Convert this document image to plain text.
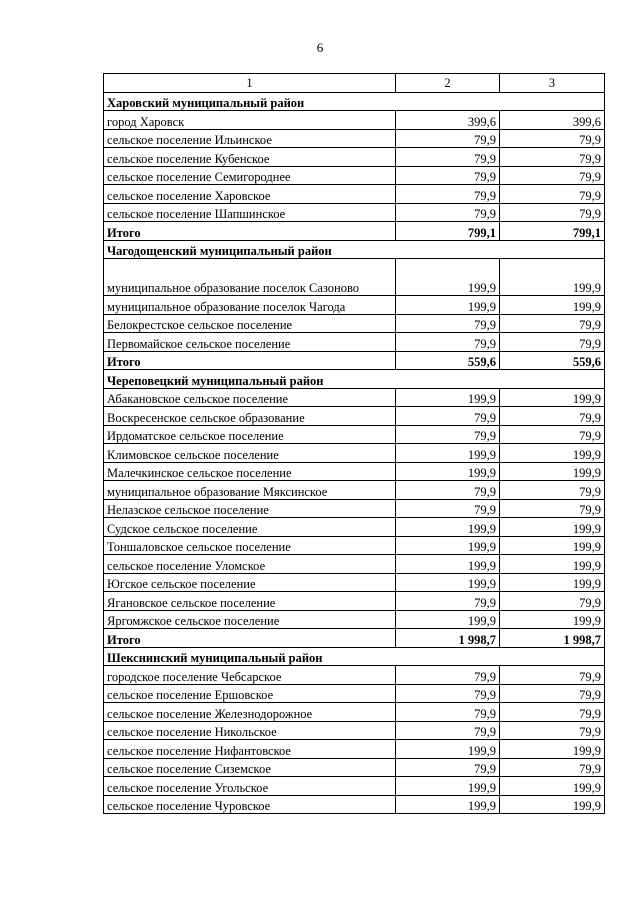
6
1	2	3
Харовский муниципальный район		
город Харовск	399,6	399,6
сельское поселение Ильинское	79,9	79,9
сельское поселение Кубенское	79,9	79,9
сельское поселение Семигороднее	79,9	79,9
сельское поселение Харовское	79,9	79,9
сельское поселение Шапшинское	79,9	79,9
Итого	799,1	799,1
Чагодощенский муниципальный район		
муниципальное образование поселок Сазоново	199,9	199,9
муниципальное образование поселок Чагода	199,9	199,9
Белокрестское сельское поселение	79,9	79,9
Первомайское сельское поселение	79,9	79,9
Итого	559,6	559,6
Череповецкий муниципальный район		
Абакановское сельское поселение	199,9	199,9
Воскресенское сельское образование	79,9	79,9
Ирдоматское сельское поселение	79,9	79,9
Климовское сельское поселение	199,9	199,9
Малечкинское сельское поселение	199,9	199,9
муниципальное образование Мяксинское	79,9	79,9
Нелазское сельское поселение	79,9	79,9
Судское сельское поселение	199,9	199,9
Тоншаловское сельское поселение	199,9	199,9
сельское поселение Уломское	199,9	199,9
Югское сельское поселение	199,9	199,9
Ягановское сельское поселение	79,9	79,9
Яргомжское сельское поселение	199,9	199,9
Итого	1 998,7	1 998,7
Шекснинский муниципальный район		
городское поселение Чебсарское	79,9	79,9
сельское поселение Ершовское	79,9	79,9
сельское поселение Железнодорожное	79,9	79,9
сельское поселение Никольское	79,9	79,9
сельское поселение Нифантовское	199,9	199,9
сельское поселение Сиземское	79,9	79,9
сельское поселение Угольское	199,9	199,9
сельское поселение Чуровское	199,9	199,9
